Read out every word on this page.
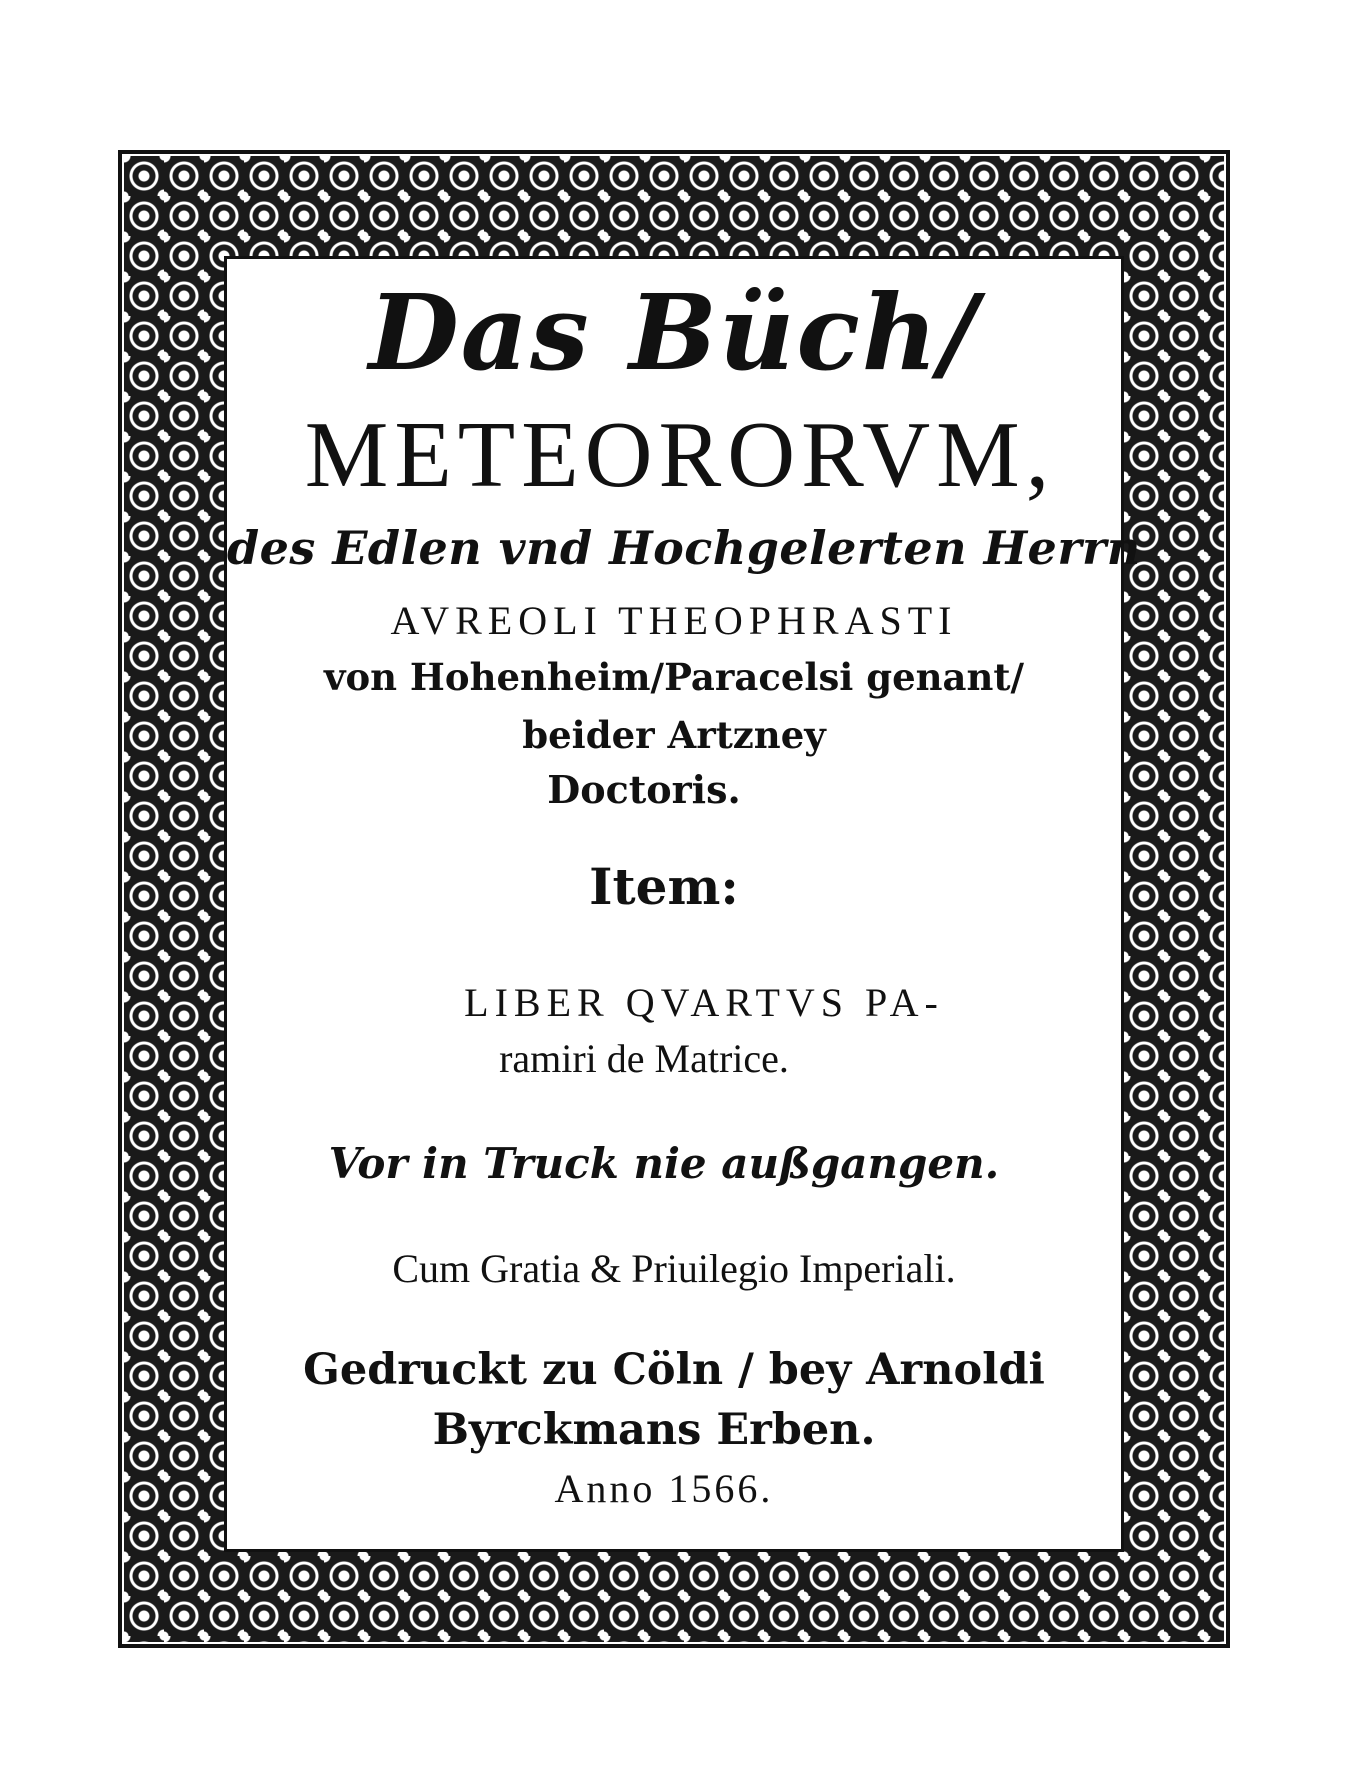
Das Büch/
METEORORVM,
des Edlen vnd Hochgelerten Herrn
AVREOLI THEOPHRASTI
von Hohenheim/Paracelsi genant/
beider Artzney
Doctoris.
Item:
LIBER QVARTVS PA-
ramiri de Matrice.
Vor in Truck nie außgangen.
Cum Gratia & Priuilegio Imperiali.
Gedruckt zu Cöln / bey Arnoldi
Byrckmans Erben.
Anno 1566.
